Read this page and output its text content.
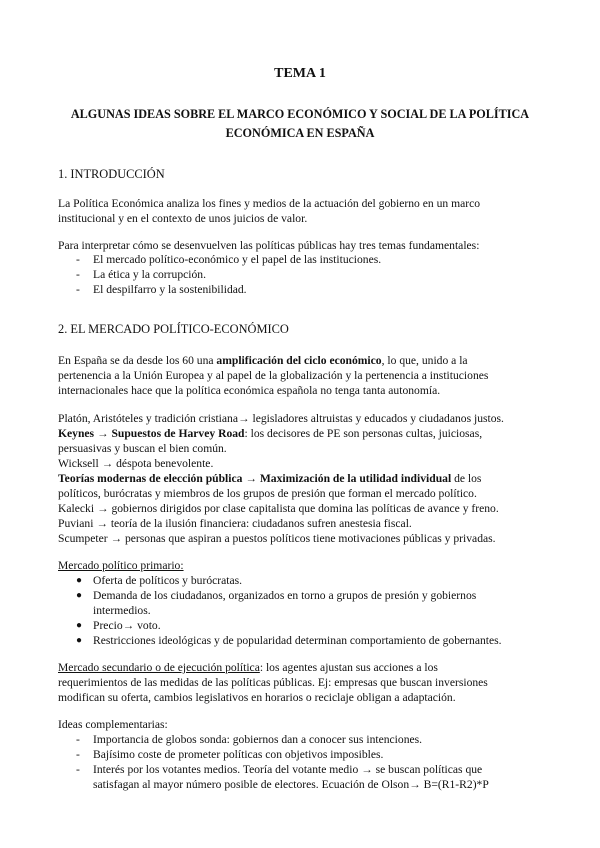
TEMA 1
ALGUNAS IDEAS SOBRE EL MARCO ECONÓMICO Y SOCIAL DE LA POLÍTICA
ECONÓMICA EN ESPAÑA
1. INTRODUCCIÓN
La Política Económica analiza los fines y medios de la actuación del gobierno en un marco
institucional y en el contexto de unos juicios de valor.
Para interpretar cómo se desenvuelven las políticas públicas hay tres temas fundamentales:
- El mercado político-económico y el papel de las instituciones.
- La ética y la corrupción.
- El despilfarro y la sostenibilidad.
2. EL MERCADO POLÍTICO-ECONÓMICO
En España se da desde los 60 una amplificación del ciclo económico, lo que, unido a la
pertenencia a la Unión Europea y al papel de la globalización y la pertenencia a instituciones
internacionales hace que la política económica española no tenga tanta autonomía.
Platón, Aristóteles y tradición cristiana→ legisladores altruistas y educados y ciudadanos justos.
Keynes → Supuestos de Harvey Road: los decisores de PE son personas cultas, juiciosas,
persuasivas y buscan el bien común.
Wicksell → déspota benevolente.
Teorías modernas de elección pública → Maximización de la utilidad individual de los
políticos, burócratas y miembros de los grupos de presión que forman el mercado político.
Kalecki → gobiernos dirigidos por clase capitalista que domina las políticas de avance y freno.
Puviani → teoría de la ilusión financiera: ciudadanos sufren anestesia fiscal.
Scumpeter → personas que aspiran a puestos políticos tiene motivaciones públicas y privadas.
Mercado político primario:
● Oferta de políticos y burócratas.
● Demanda de los ciudadanos, organizados en torno a grupos de presión y gobiernos
intermedios.
● Precio→ voto.
● Restricciones ideológicas y de popularidad determinan comportamiento de gobernantes.
Mercado secundario o de ejecución política: los agentes ajustan sus acciones a los
requerimientos de las medidas de las políticas públicas. Ej: empresas que buscan inversiones
modifican su oferta, cambios legislativos en horarios o reciclaje obligan a adaptación.
Ideas complementarias:
- Importancia de globos sonda: gobiernos dan a conocer sus intenciones.
- Bajísimo coste de prometer políticas con objetivos imposibles.
- Interés por los votantes medios. Teoría del votante medio → se buscan políticas que
satisfagan al mayor número posible de electores. Ecuación de Olson→ B=(R1-R2)*P
